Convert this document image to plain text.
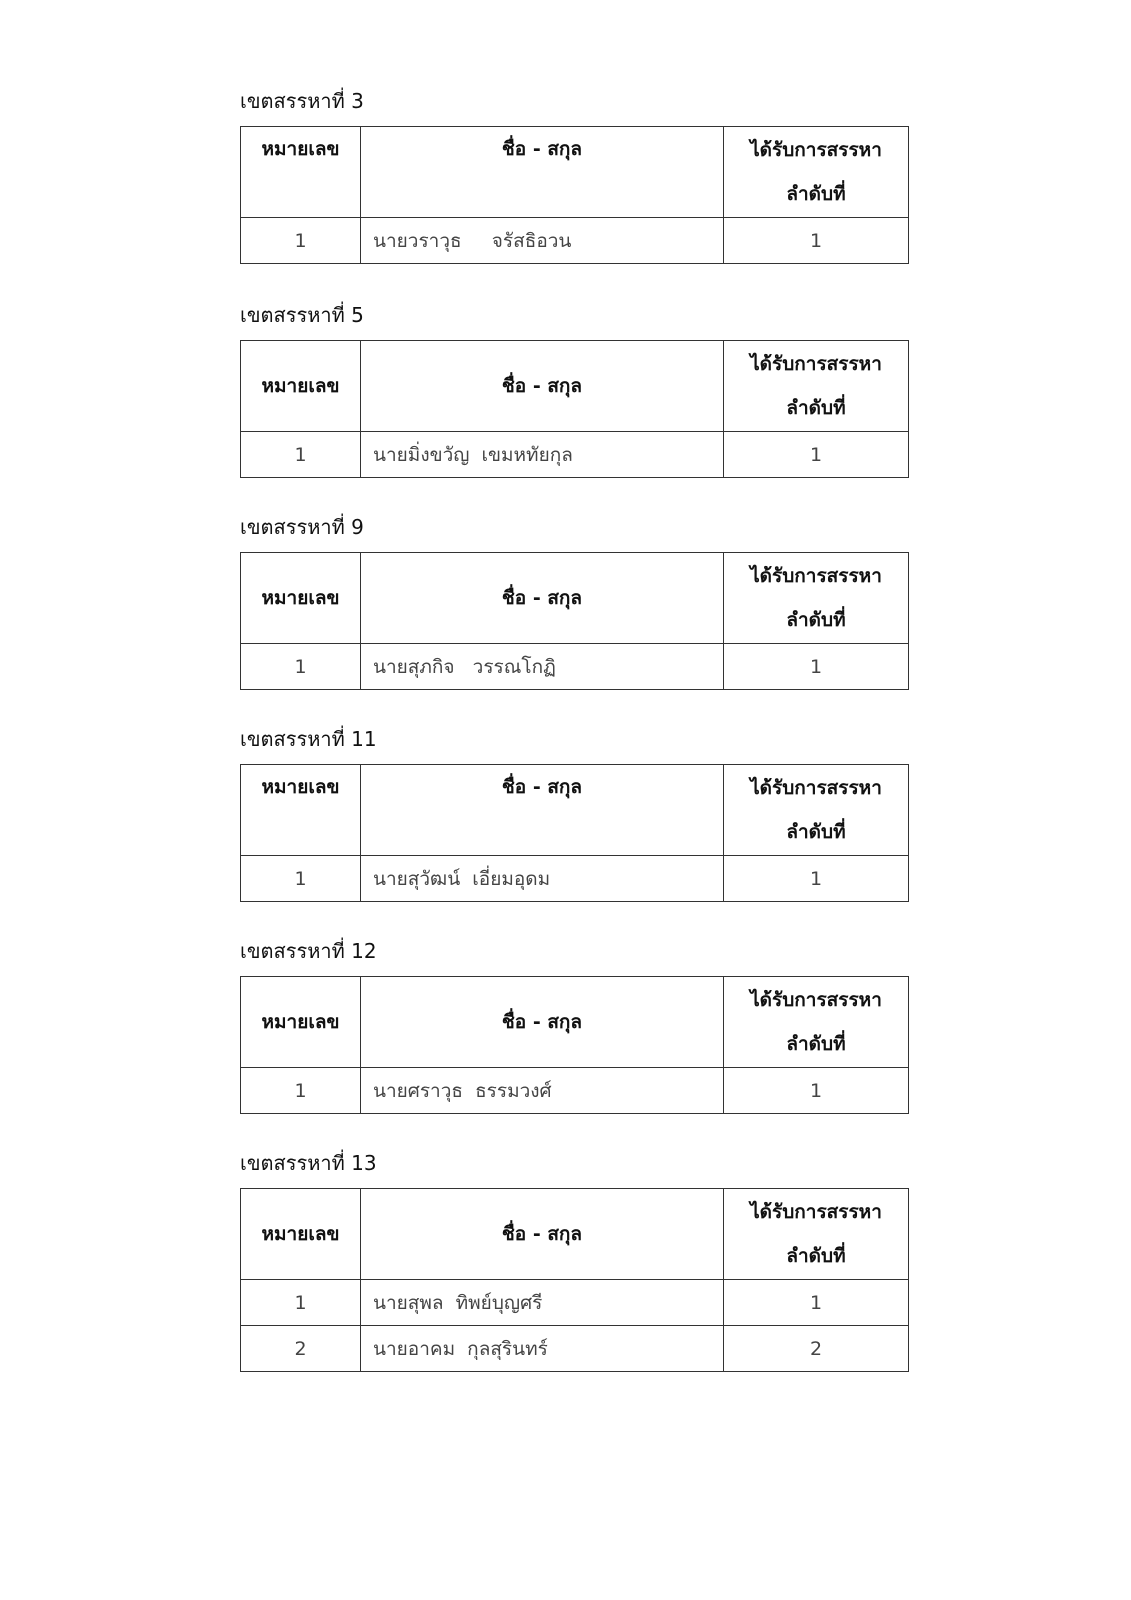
เขตสรรหาที่ 3
หมายเลข	ชื่อ - สกุล	ได้รับการสรรหา
ลำดับที่

1	นายวราวุธ     จรัสธิอวน	1
เขตสรรหาที่ 5
หมายเลข	ชื่อ - สกุล	ได้รับการสรรหา
ลำดับที่

1	นายมิ่งขวัญ  เขมหทัยกุล	1
เขตสรรหาที่ 9
หมายเลข	ชื่อ - สกุล	ได้รับการสรรหา
ลำดับที่

1	นายสุภกิจ   วรรณโกฏิ	1
เขตสรรหาที่ 11
หมายเลข	ชื่อ - สกุล	ได้รับการสรรหา
ลำดับที่

1	นายสุวัฒน์  เอี่ยมอุดม	1
เขตสรรหาที่ 12
หมายเลข	ชื่อ - สกุล	ได้รับการสรรหา
ลำดับที่

1	นายศราวุธ  ธรรมวงศ์	1
เขตสรรหาที่ 13
หมายเลข	ชื่อ - สกุล	ได้รับการสรรหา
ลำดับที่

1	นายสุพล  ทิพย์บุญศรี	1
2	นายอาคม  กุลสุรินทร์	2
